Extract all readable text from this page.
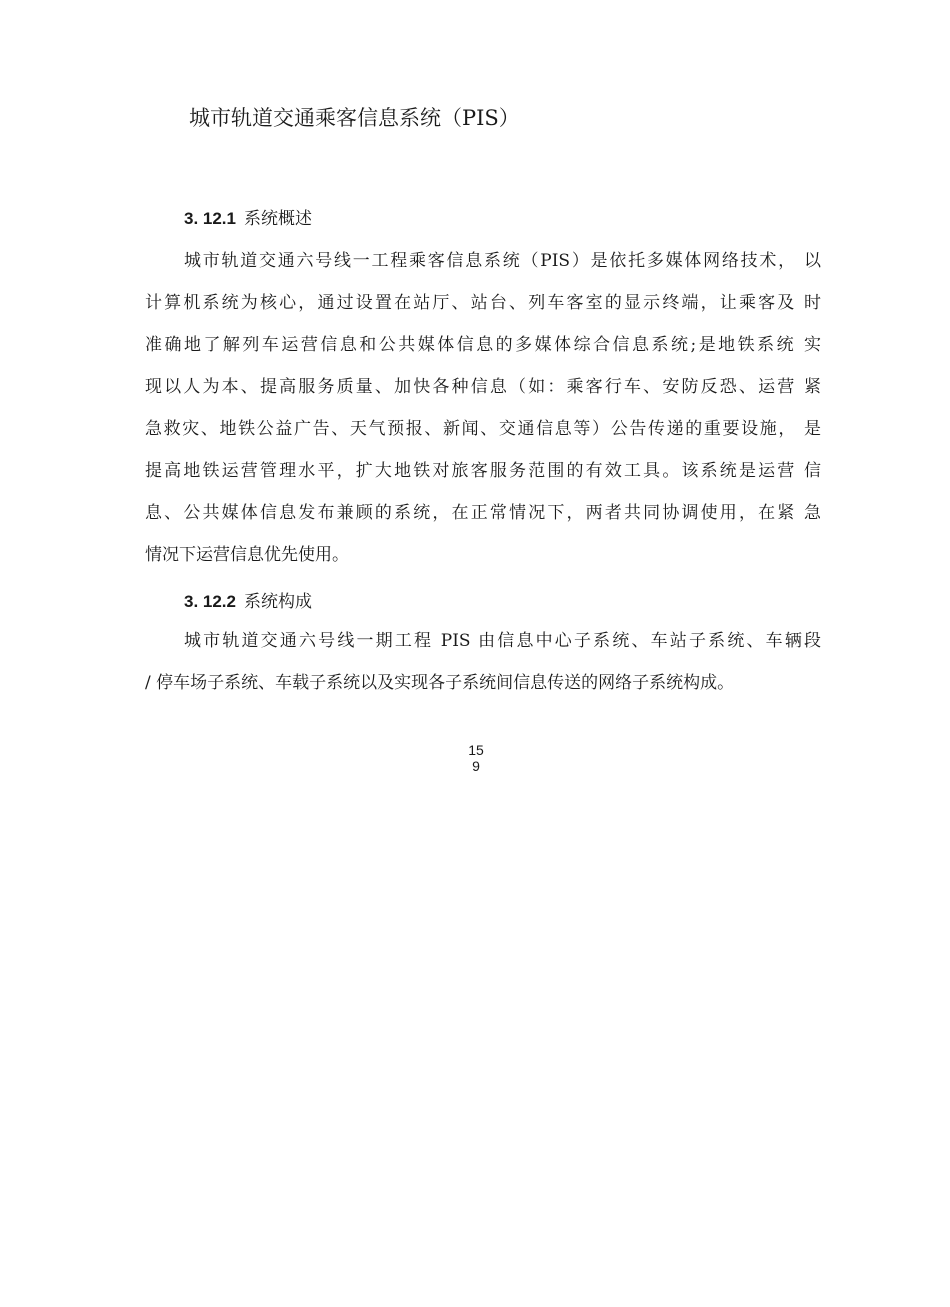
城市轨道交通乘客信息系统（PIS）
3. 12.1 系统概述
城市轨道交通六号线一工程乘客信息系统（PIS）是依托多媒体网络技术， 以
计算机系统为核心，通过设置在站厅、站台、列车客室的显示终端，让乘客及 时
准确地了解列车运营信息和公共媒体信息的多媒体综合信息系统;是地铁系统 实
现以人为本、提高服务质量、加快各种信息（如：乘客行车、安防反恐、运营 紧
急救灾、地铁公益广告、天气预报、新闻、交通信息等）公告传递的重要设施， 是
提高地铁运营管理水平，扩大地铁对旅客服务范围的有效工具。该系统是运营 信
息、公共媒体信息发布兼顾的系统，在正常情况下，两者共同协调使用，在紧 急
情况下运营信息优先使用。
3. 12.2 系统构成
城市轨道交通六号线一期工程 PIS 由信息中心子系统、车站子系统、车辆段
/ 停车场子系统、车载子系统以及实现各子系统间信息传送的网络子系统构成。
15
9
